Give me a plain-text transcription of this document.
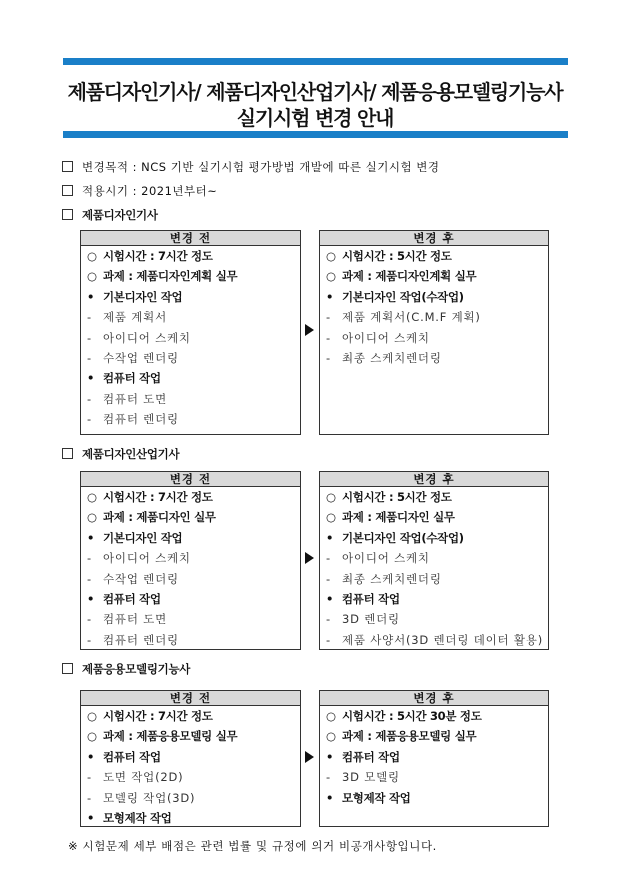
제품디자인기사/ 제품디자인산업기사/ 제품응용모델링기능사
실기시험 변경 안내
변경목적 : NCS 기반 실기시험 평가방법 개발에 따른 실기시험 변경
적용시기 : 2021년부터~
제품디자인기사
변경 전
○ 시험시간 : 7시간 정도
○ 과제 : 제품디자인계획 실무
• 기본디자인 작업
- 제품 계획서
- 아이디어 스케치
- 수작업 렌더링
• 컴퓨터 작업
- 컴퓨터 도면
- 컴퓨터 렌더링
변경 후
○ 시험시간 : 5시간 정도
○ 과제 : 제품디자인계획 실무
• 기본디자인 작업(수작업)
- 제품 계획서(C.M.F 계획)
- 아이디어 스케치
- 최종 스케치렌더링
제품디자인산업기사
변경 전
○ 시험시간 : 7시간 정도
○ 과제 : 제품디자인 실무
• 기본디자인 작업
- 아이디어 스케치
- 수작업 렌더링
• 컴퓨터 작업
- 컴퓨터 도면
- 컴퓨터 렌더링
변경 후
○ 시험시간 : 5시간 정도
○ 과제 : 제품디자인 실무
• 기본디자인 작업(수작업)
- 아이디어 스케치
- 최종 스케치렌더링
• 컴퓨터 작업
- 3D 렌더링
- 제품 사양서(3D 렌더링 데이터 활용)
제품응용모델링기능사
변경 전
○ 시험시간 : 7시간 정도
○ 과제 : 제품응용모델링 실무
• 컴퓨터 작업
- 도면 작업(2D)
- 모델링 작업(3D)
• 모형제작 작업
변경 후
○ 시험시간 : 5시간 30분 정도
○ 과제 : 제품응용모델링 실무
• 컴퓨터 작업
- 3D 모델링
• 모형제작 작업
※ 시험문제 세부 배점은 관련 법률 및 규정에 의거 비공개사항입니다.
